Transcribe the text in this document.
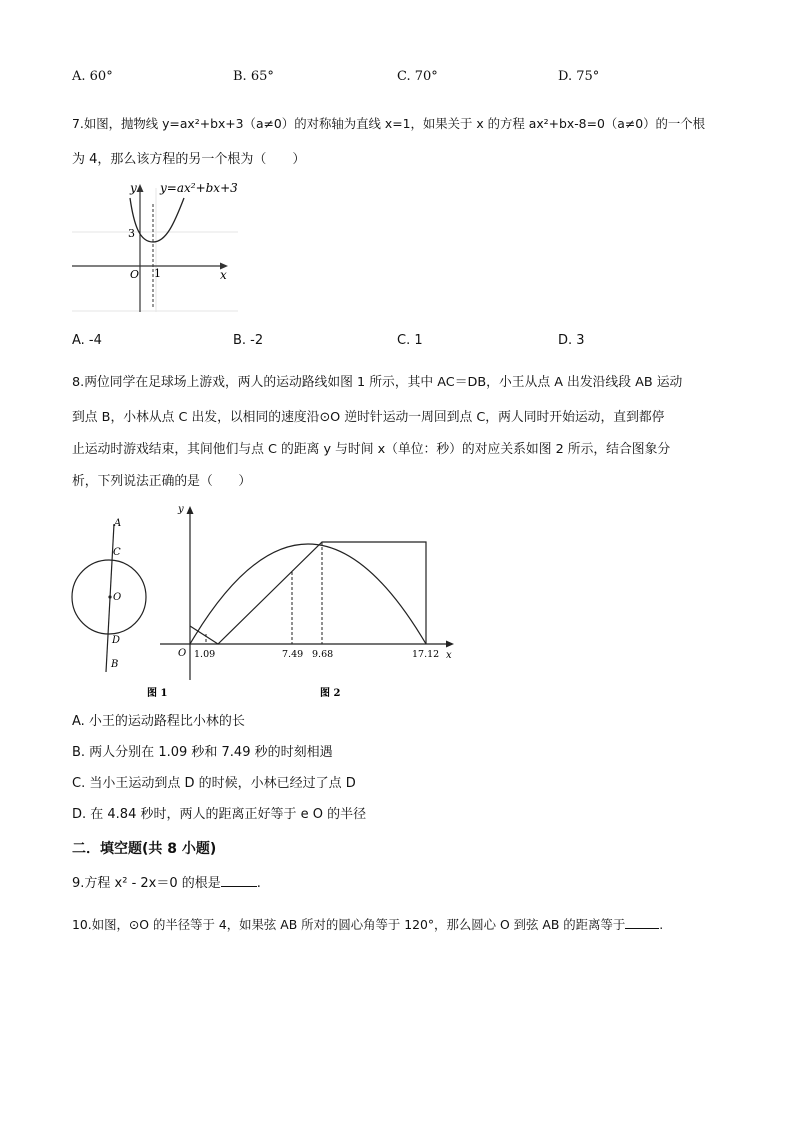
A. 60°	B. 65°	C. 70°	D. 75°
7.如图，抛物线 y=ax²+bx+3（a≠0）的对称轴为直线 x=1，如果关于 x 的方程 ax²+bx-8=0（a≠0）的一个根
为 4，那么该方程的另一个根为（　　）
y y=ax²+bx+3
3
O 1	x
A. -4	B. -2	C. 1	D. 3
8.两位同学在足球场上游戏，两人的运动路线如图 1 所示，其中 AC＝DB，小王从点 A 出发沿线段 AB 运动
到点 B，小林从点 C 出发，以相同的速度沿⊙O 逆时针运动一周回到点 C，两人同时开始运动，直到都停
止运动时游戏结束，其间他们与点 C 的距离 y 与时间 x（单位：秒）的对应关系如图 2 所示，结合图象分
析，下列说法正确的是（　　）
A
C
O
D
B
图 1
y
x
O 1.09	7.49 9.68	17.12
图 2
A. 小王的运动路程比小林的长
B. 两人分别在 1.09 秒和 7.49 秒的时刻相遇
C. 当小王运动到点 D 的时候，小林已经过了点 D
D. 在 4.84 秒时，两人的距离正好等于 e O 的半径
二．填空题(共 8 小题)
9.方程 x² - 2x＝0 的根是	.
10.如图，⊙O 的半径等于 4，如果弦 AB 所对的圆心角等于 120°，那么圆心 O 到弦 AB 的距离等于	.
